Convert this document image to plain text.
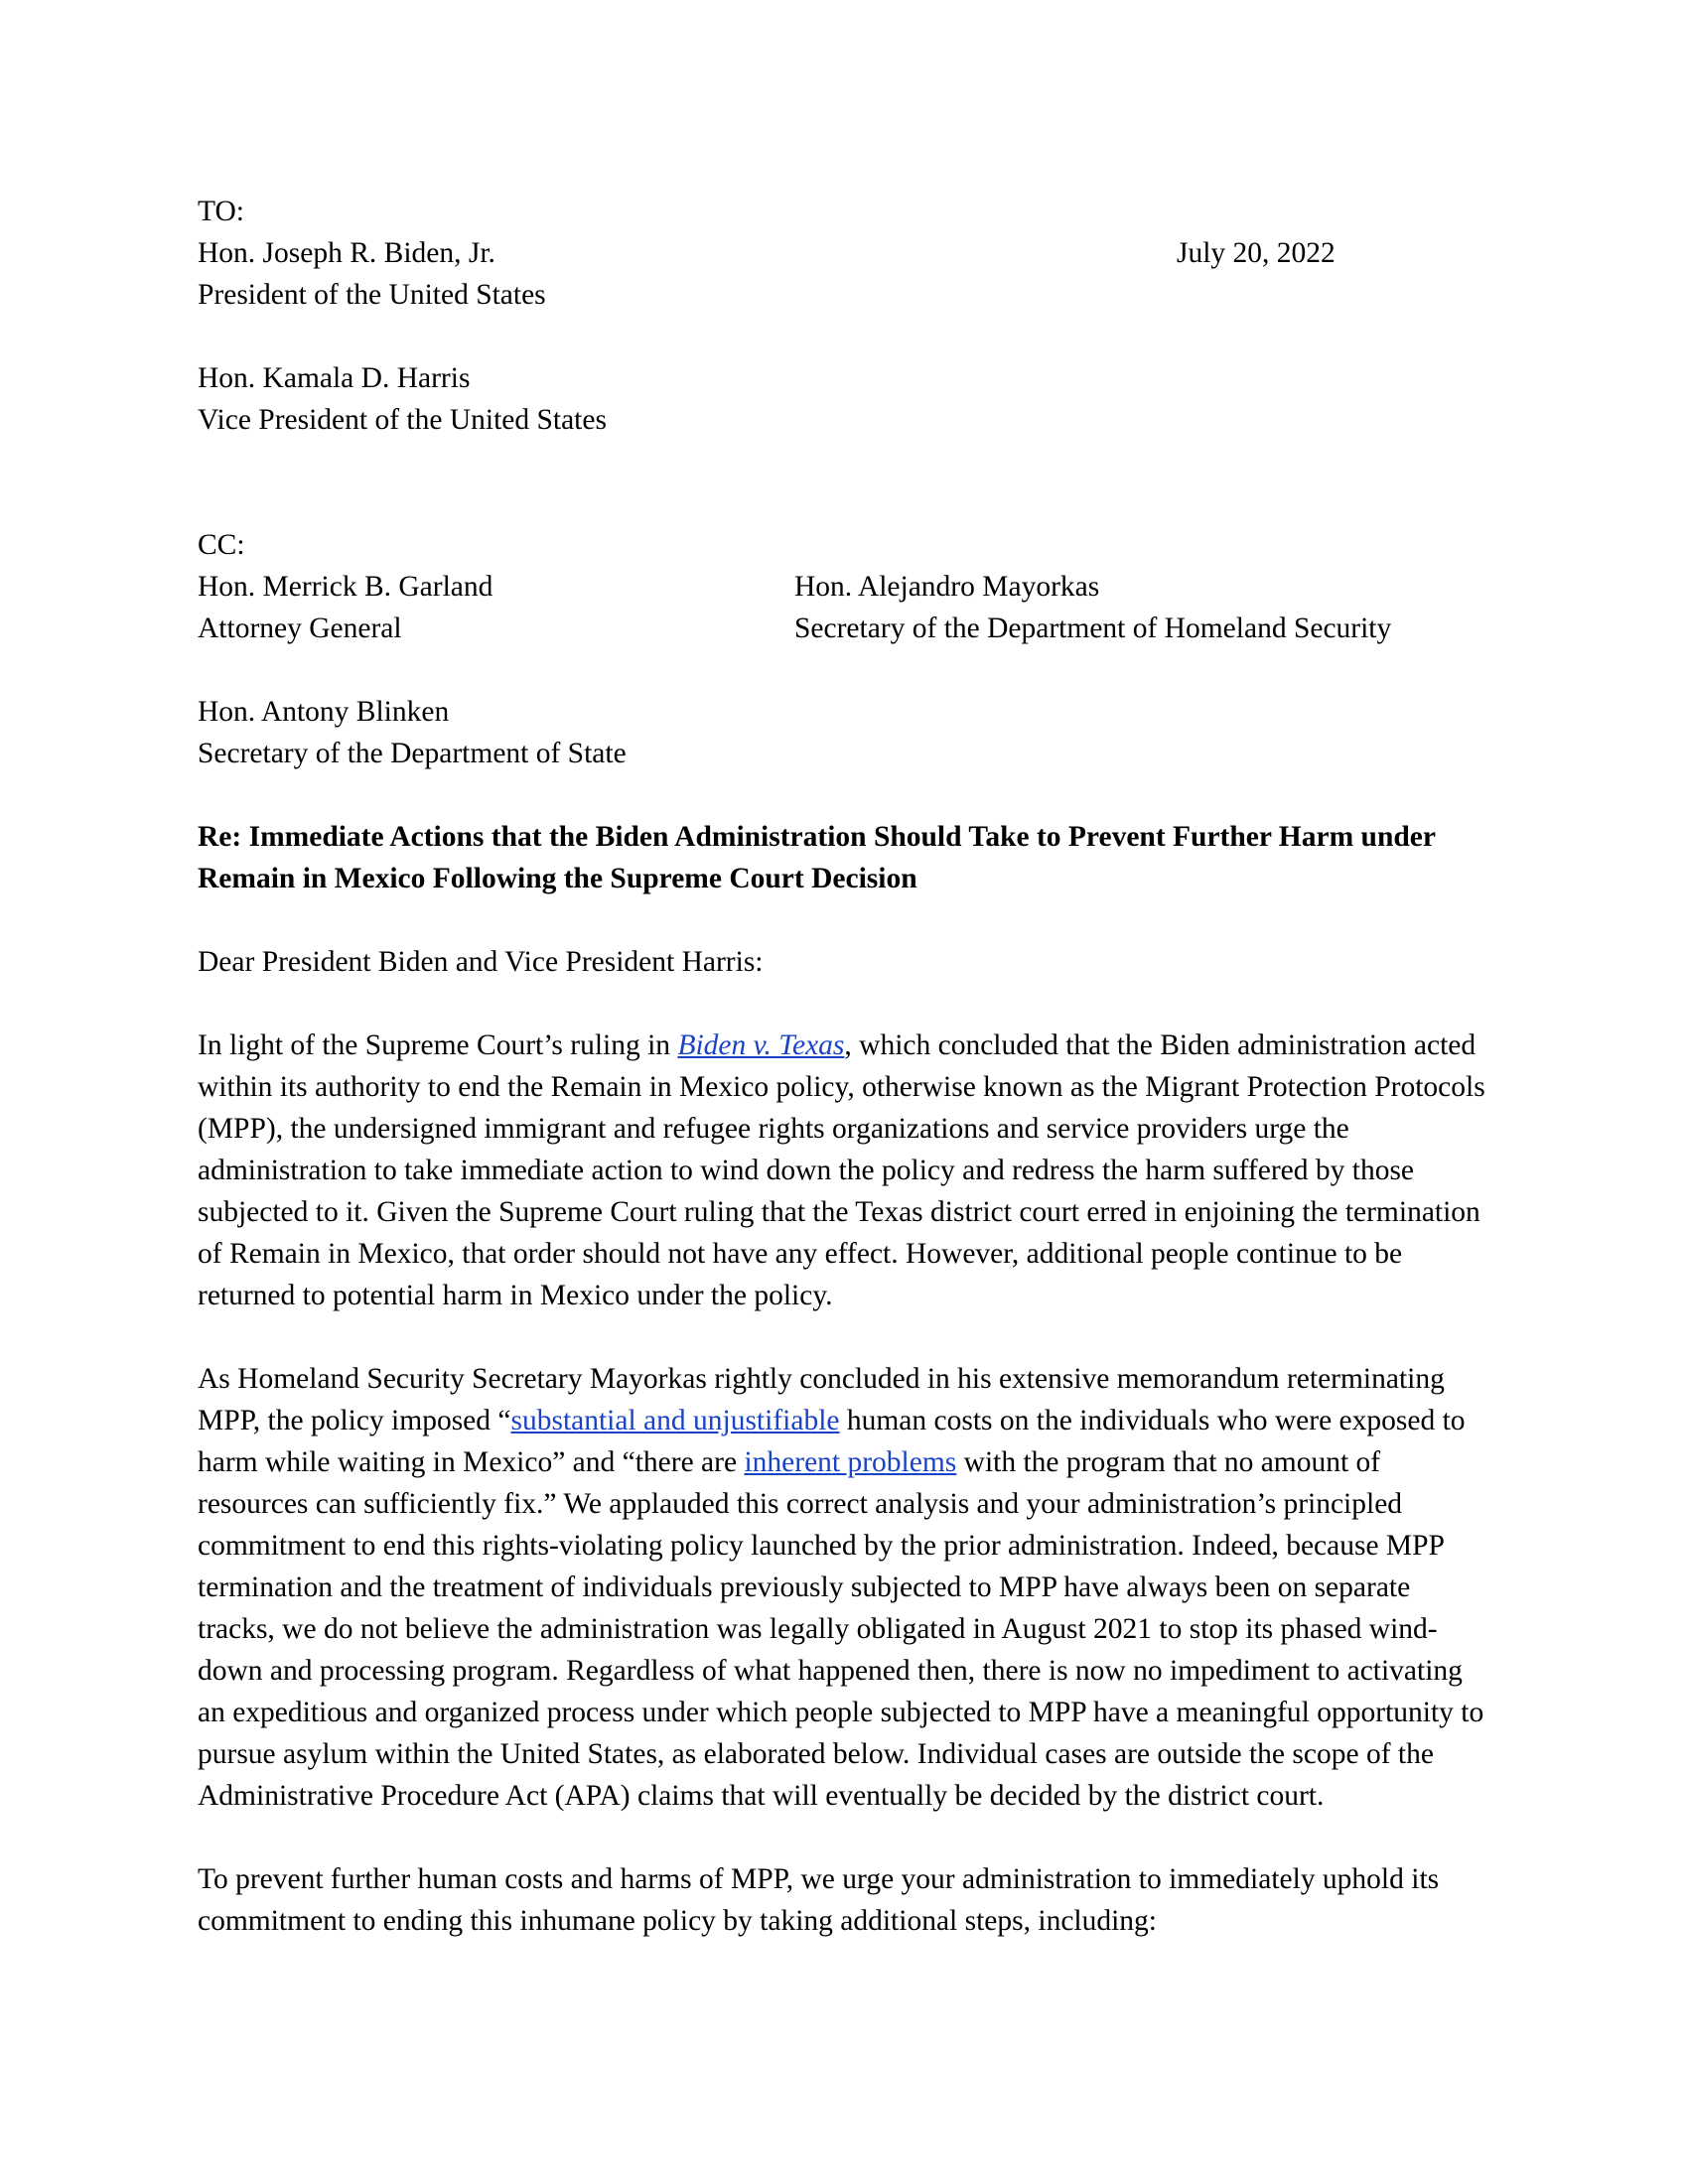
TO:
Hon. Joseph R. Biden, Jr.
President of the United States
July 20, 2022
Hon. Kamala D. Harris
Vice President of the United States
CC:
Hon. Merrick B. Garland	Hon. Alejandro Mayorkas
Attorney General	Secretary of the Department of Homeland Security
Hon. Antony Blinken
Secretary of the Department of State
Re: Immediate Actions that the Biden Administration Should Take to Prevent Further Harm under Remain in Mexico Following the Supreme Court Decision

Dear President Biden and Vice President Harris:

In light of the Supreme Court’s ruling in Biden v. Texas, which concluded that the Biden administration acted within its authority to end the Remain in Mexico policy, otherwise known as the Migrant Protection Protocols (MPP), the undersigned immigrant and refugee rights organizations and service providers urge the administration to take immediate action to wind down the policy and redress the harm suffered by those subjected to it. Given the Supreme Court ruling that the Texas district court erred in enjoining the termination of Remain in Mexico, that order should not have any effect. However, additional people continue to be returned to potential harm in Mexico under the policy.

As Homeland Security Secretary Mayorkas rightly concluded in his extensive memorandum reterminating MPP, the policy imposed “substantial and unjustifiable human costs on the individuals who were exposed to harm while waiting in Mexico” and “there are inherent problems with the program that no amount of resources can sufficiently fix.” We applauded this correct analysis and your administration’s principled commitment to end this rights-violating policy launched by the prior administration. Indeed, because MPP termination and the treatment of individuals previously subjected to MPP have always been on separate tracks, we do not believe the administration was legally obligated in August 2021 to stop its phased wind-down and processing program. Regardless of what happened then, there is now no impediment to activating an expeditious and organized process under which people subjected to MPP have a meaningful opportunity to pursue asylum within the United States, as elaborated below. Individual cases are outside the scope of the Administrative Procedure Act (APA) claims that will eventually be decided by the district court.

To prevent further human costs and harms of MPP, we urge your administration to immediately uphold its commitment to ending this inhumane policy by taking additional steps, including:
